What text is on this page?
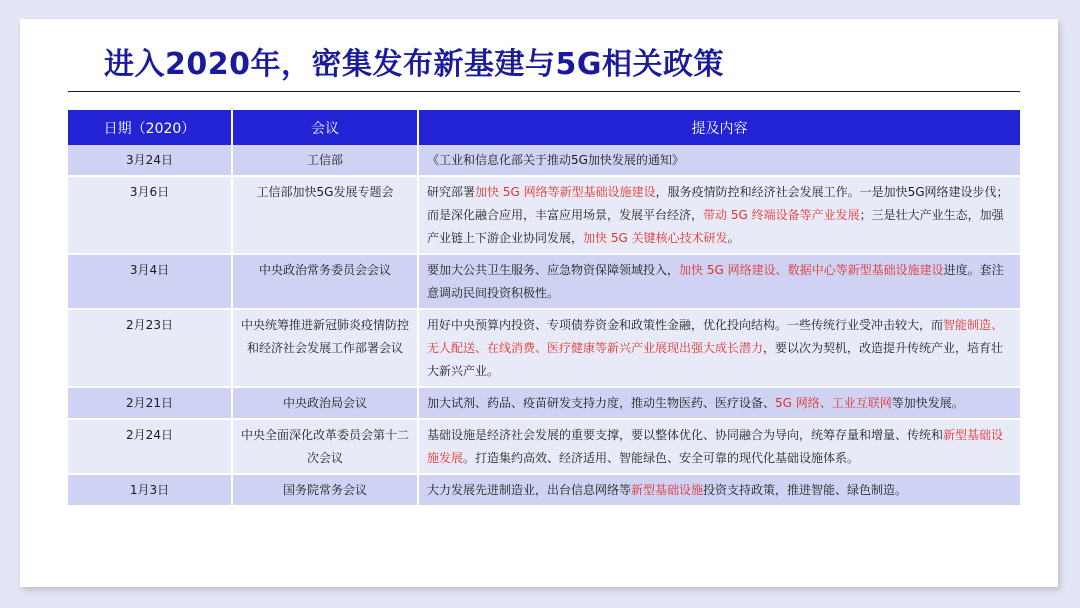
进入2020年，密集发布新基建与5G相关政策
日期（2020）	会议	提及内容
3月24日	工信部	《工业和信息化部关于推动5G加快发展的通知》
3月6日	工信部加快5G发展专题会	研究部署加快 5G 网络等新型基础设施建设，服务疫情防控和经济社会发展工作。一是加快5G网络建设步伐；而是深化融合应用，丰富应用场景，发展平台经济，带动 5G 终端设备等产业发展；三是壮大产业生态，加强产业链上下游企业协同发展，加快 5G 关键核心技术研发。
3月4日	中央政治常务委员会会议	要加大公共卫生服务、应急物资保障领域投入，加快 5G 网络建设、数据中心等新型基础设施建设进度。套注意调动民间投资积极性。
2月23日	中央统筹推进新冠肺炎疫情防控和经济社会发展工作部署会议	用好中央预算内投资、专项债券资金和政策性金融，优化投向结构。一些传统行业受冲击较大，而智能制造、无人配送、在线消费、医疗健康等新兴产业展现出强大成长潜力，要以次为契机，改造提升传统产业，培育壮大新兴产业。
2月21日	中央政治局会议	加大试剂、药品、疫苗研发支持力度，推动生物医药、医疗设备、5G 网络、工业互联网等加快发展。
2月24日	中央全面深化改革委员会第十二次会议	基础设施是经济社会发展的重要支撑，要以整体优化、协同融合为导向，统筹存量和增量、传统和新型基础设施发展。打造集约高效、经济适用、智能绿色、安全可靠的现代化基础设施体系。
1月3日	国务院常务会议	大力发展先进制造业，出台信息网络等新型基础设施投资支持政策，推进智能、绿色制造。
